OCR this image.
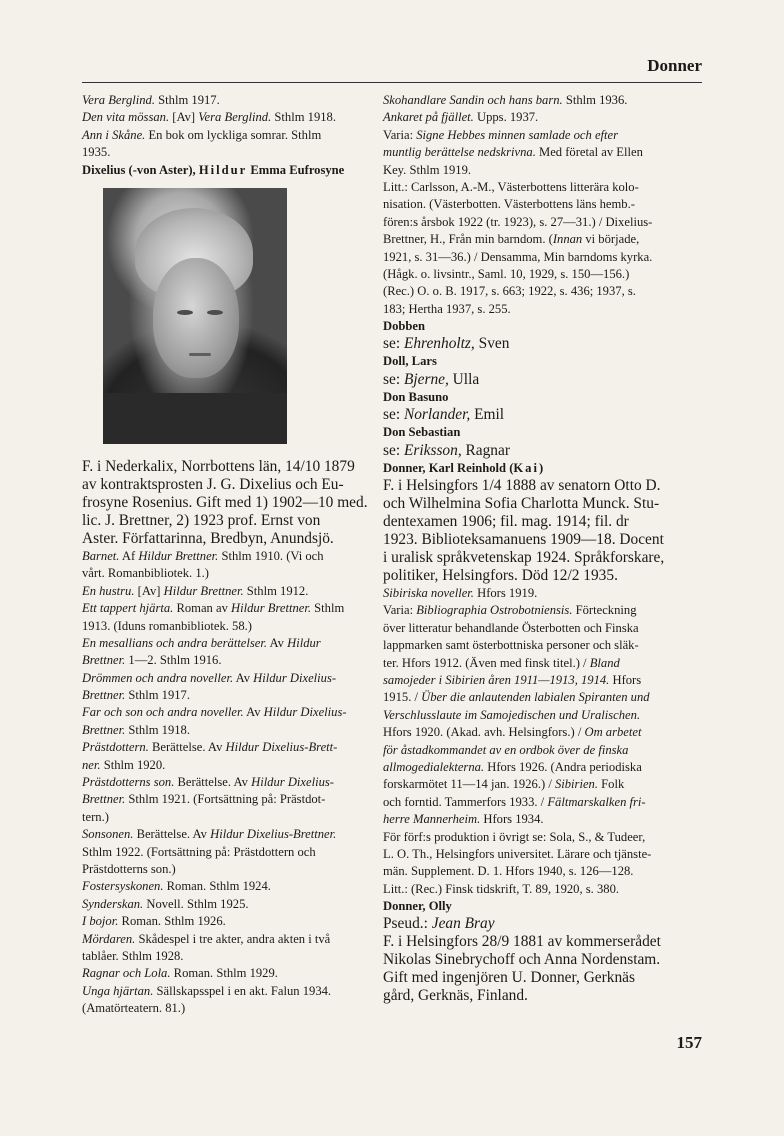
Donner
Vera Berglind. Sthlm 1917.
Den vita mössan. [Av] Vera Berglind. Sthlm 1918.
Ann i Skåne. En bok om lyckliga somrar. Sthlm
1935.
Dixelius (-von Aster), Hildur Emma Eufrosyne
F. i Nederkalix, Norrbottens län, 14/10 1879
av kontraktsprosten J. G. Dixelius och Eu-
frosyne Rosenius. Gift med 1) 1902—10 med.
lic. J. Brettner, 2) 1923 prof. Ernst von
Aster. Författarinna, Bredbyn, Anundsjö.
Barnet. Af Hildur Brettner. Sthlm 1910. (Vi och
vårt. Romanbibliotek. 1.)
En hustru. [Av] Hildur Brettner. Sthlm 1912.
Ett tappert hjärta. Roman av Hildur Brettner. Sthlm
1913. (Iduns romanbibliotek. 58.)
En mesallians och andra berättelser. Av Hildur
Brettner. 1—2. Sthlm 1916.
Drömmen och andra noveller. Av Hildur Dixelius-
Brettner. Sthlm 1917.
Far och son och andra noveller. Av Hildur Dixelius-
Brettner. Sthlm 1918.
Prästdottern. Berättelse. Av Hildur Dixelius-Brett-
ner. Sthlm 1920.
Prästdotterns son. Berättelse. Av Hildur Dixelius-
Brettner. Sthlm 1921. (Fortsättning på: Prästdot-
tern.)
Sonsonen. Berättelse. Av Hildur Dixelius-Brettner.
Sthlm 1922. (Fortsättning på: Prästdottern och
Prästdotterns son.)
Fostersyskonen. Roman. Sthlm 1924.
Synderskan. Novell. Sthlm 1925.
I bojor. Roman. Sthlm 1926.
Mördaren. Skådespel i tre akter, andra akten i två
tablåer. Sthlm 1928.
Ragnar och Lola. Roman. Sthlm 1929.
Unga hjärtan. Sällskapsspel i en akt. Falun 1934.
(Amatörteatern. 81.)
Skohandlare Sandin och hans barn. Sthlm 1936.
Ankaret på fjället. Upps. 1937.
Varia: Signe Hebbes minnen samlade och efter
muntlig berättelse nedskrivna. Med företal av Ellen
Key. Sthlm 1919.
Litt.: Carlsson, A.-M., Västerbottens litterära kolo-
nisation. (Västerbotten. Västerbottens läns hemb.-
fören:s årsbok 1922 (tr. 1923), s. 27—31.) / Dixelius-
Brettner, H., Från min barndom. (Innan vi började,
1921, s. 31—36.) / Densamma, Min barndoms kyrka.
(Hågk. o. livsintr., Saml. 10, 1929, s. 150—156.)
(Rec.) O. o. B. 1917, s. 663; 1922, s. 436; 1937, s.
183; Hertha 1937, s. 255.
Dobben
se: Ehrenholtz, Sven
Doll, Lars
se: Bjerne, Ulla
Don Basuno
se: Norlander, Emil
Don Sebastian
se: Eriksson, Ragnar
Donner, Karl Reinhold (Kai)
F. i Helsingfors 1/4 1888 av senatorn Otto D.
och Wilhelmina Sofia Charlotta Munck. Stu-
dentexamen 1906; fil. mag. 1914; fil. dr
1923. Biblioteksamanuens 1909—18. Docent
i uralisk språkvetenskap 1924. Språkforskare,
politiker, Helsingfors. Död 12/2 1935.
Sibiriska noveller. Hfors 1919.
Varia: Bibliographia Ostrobotniensis. Förteckning
över litteratur behandlande Österbotten och Finska
lappmarken samt österbottniska personer och släk-
ter. Hfors 1912. (Även med finsk titel.) / Bland
samojeder i Sibirien åren 1911—1913, 1914. Hfors
1915. / Über die anlautenden labialen Spiranten und
Verschlusslaute im Samojedischen und Uralischen.
Hfors 1920. (Akad. avh. Helsingfors.) / Om arbetet
för åstadkommandet av en ordbok över de finska
allmogedialekterna. Hfors 1926. (Andra periodiska
forskarmötet 11—14 jan. 1926.) / Sibirien. Folk
och forntid. Tammerfors 1933. / Fältmarskalken fri-
herre Mannerheim. Hfors 1934.
För förf:s produktion i övrigt se: Sola, S., & Tudeer,
L. O. Th., Helsingfors universitet. Lärare och tjänste-
män. Supplement. D. 1. Hfors 1940, s. 126—128.
Litt.: (Rec.) Finsk tidskrift, T. 89, 1920, s. 380.
Donner, Olly
Pseud.: Jean Bray
F. i Helsingfors 28/9 1881 av kommerserådet
Nikolas Sinebrychoff och Anna Nordenstam.
Gift med ingenjören U. Donner, Gerknäs
gård, Gerknäs, Finland.
157
